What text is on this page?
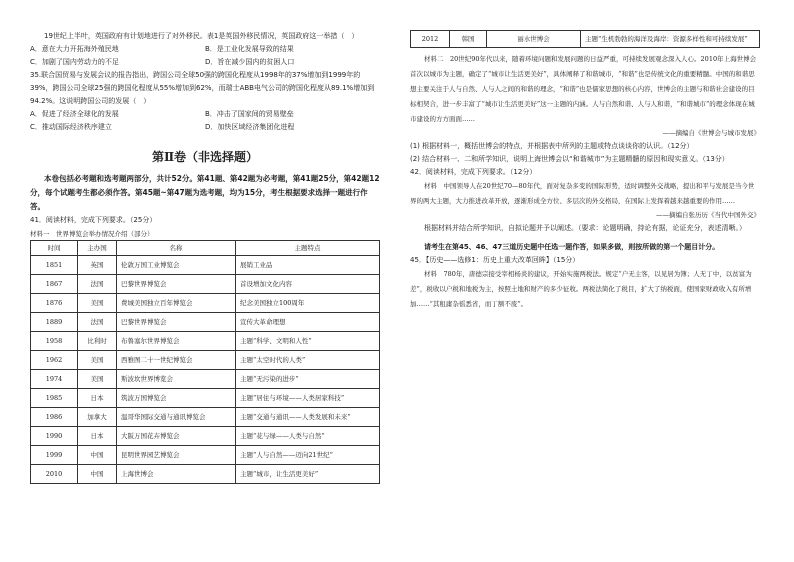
19世纪上半叶，英国政府有计划地进行了对外移民。表1是英国外移民情况，英国政府这一举措（　）

A．意在大力开拓海外殖民地	B．是工业化发展导致的结果
C．加剧了国内劳动力的不足	D．旨在减少国内的贫困人口

35.联合国贸易与发展会议的报告指出，跨国公司全球50强的跨国化程度从1998年的37%增加到1999年的39%，跨国公司全球25强的跨国化程度从55%增加到62%，而瑞士ABB电气公司的跨国化程度从89.1%增加到94.2%。这说明跨国公司的发展（　）

A．促进了经济全球化的发展	B．冲击了国家间的贸易壁垒
C．推动国际经济秩序建立	D．加快区域经济集团化进程
第Ⅱ卷（非选择题）

本卷包括必考题和选考题两部分，共计52分。第41题、第42题为必考题，第41题25分，第42题12分，每个试题考生都必须作答。第45题~第47题为选考题，均为15分，考生根据要求选择一题进行作答。

41．阅读材料，完成下列要求。（25分）

材料一　世界博览会举办情况介绍（部分）

时间	主办国	名称	主题特点
1851	英国	伦敦万国工业博览会	展销工业品
1867	法国	巴黎世界博览会	首设增加文化内容
1876	美国	费城美国独立百年博览会	纪念美国独立100周年
1889	法国	巴黎世界博览会	宣传大革命理想
1958	比利时	布鲁塞尔世界博览会	主题“科学、文明和人性”
1962	美国	西雅图二十一世纪博览会	主题“太空时代的人类”
1974	美国	斯波坎世界博览会	主题“无污染的进步”
1985	日本	筑波万国博览会	主题“居住与环境——人类居家科技”
1986	加拿大	温哥华国际交通与通讯博览会	主题“交通与通讯——人类发展和未来”
1990	日本	大阪万国花卉博览会	主题“花与绿——人类与自然”
1999	中国	昆明世界园艺博览会	主题“人与自然——迈向21世纪”
2010	中国	上海世博会	主题“城市，让生活更美好”
2012	韩国	丽水世博会	主题“生机勃勃的海洋及海岸：资源多样性和可持续发展”

材料二　20世纪90年代以来，随着环境问题和发展问题的日益严重，可持续发展观念深入人心。2010年上海世博会首次以城市为主题，确定了“城市让生活更美好”，具体阐释了和谐城市，“和谐”也是传统文化的重要精髓。中国的和谐思想主要关注于人与自然、人与人之间的和谐的理念，“和谐”也是儒家思想的核心内容，世博会的主题与和谐社会建设的目标相契合，进一步丰富了“城市让生活更美好”这一主题的内涵。人与自然和谐、人与人和谐，“和谐城市”的理念体现在城市建设的方方面面……

——摘编自《世博会与城市发展》

(1) 根据材料一，概括世博会的特点，并根据表中所列的主题或特点谈谈你的认识。（12分）

(2) 结合材料一、二和所学知识，说明上海世博会以“和谐城市”为主题精髓的原因和现实意义。（13分）

42．阅读材料，完成下列要求。（12分）

材料　中国领导人在20世纪70—80年代，面对复杂多变的国际形势，适时调整外交战略，提出和平与发展是当今世界的两大主题，大力推进改革开放，逐渐形成全方位、多层次的外交格局，在国际上发挥着越来越重要的作用……

——摘编自张历历《当代中国外交》

根据材料并结合所学知识，自拟论题并予以阐述。（要求：论题明确，持论有据，论证充分，表述清晰。）

请考生在第45、46、47三道历史题中任选一题作答，如果多做，则按所做的第一个题目计分。

45．【历史——选修1：历史上重大改革回眸】（15分）

材料　780年，唐德宗接受宰相杨炎的建议，开始实施两税法。规定“户无主客，以见居为簿；人无丁中，以贫富为差”，税收以户税和地税为主，按照土地和财产的多少征收。两税法简化了税目，扩大了纳税面，使国家财政收入有所增加……“其租庸杂徭悉省，而丁额不废”。
